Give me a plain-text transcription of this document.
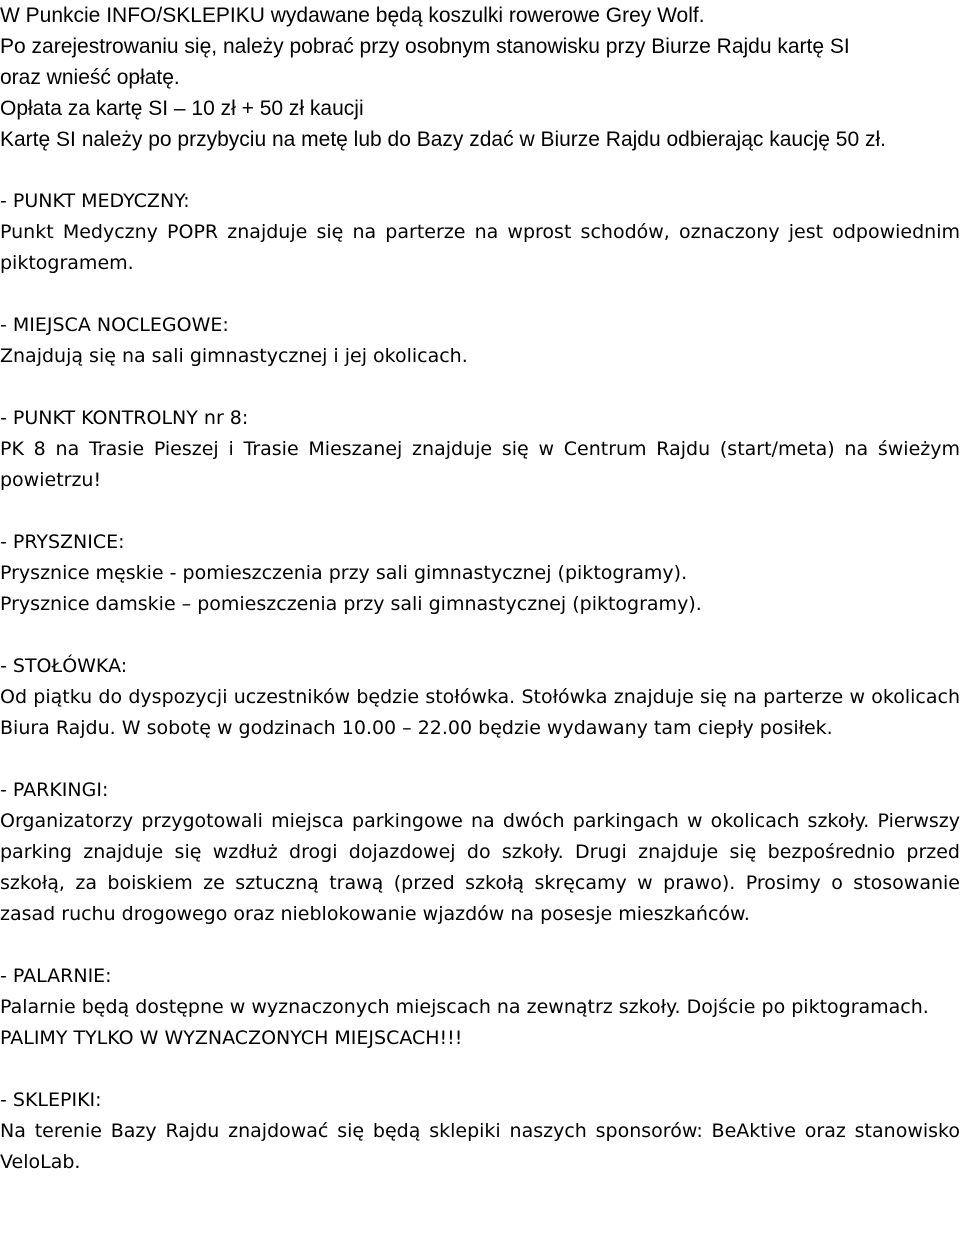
W Punkcie INFO/SKLEPIKU wydawane będą koszulki rowerowe Grey Wolf.

Po zarejestrowaniu się, należy pobrać przy osobnym stanowisku przy Biurze Rajdu kartę SI

oraz wnieść opłatę.

Opłata za kartę SI – 10 zł + 50 zł kaucji

Kartę SI należy po przybyciu na metę lub do Bazy zdać w Biurze Rajdu odbierając kaucję 50 zł.

- PUNKT MEDYCZNY:

Punkt Medyczny POPR znajduje się na parterze na wprost schodów, oznaczony jest odpowiednim piktogramem.

- MIEJSCA NOCLEGOWE:

Znajdują się na sali gimnastycznej i jej okolicach.

- PUNKT KONTROLNY nr 8:

PK 8 na Trasie Pieszej i Trasie Mieszanej znajduje się w Centrum Rajdu (start/meta) na świeżym powietrzu!

- PRYSZNICE:

Prysznice męskie - pomieszczenia przy sali gimnastycznej (piktogramy).

Prysznice damskie – pomieszczenia przy sali gimnastycznej (piktogramy).

- STOŁÓWKA:

Od piątku do dyspozycji uczestników będzie stołówka. Stołówka znajduje się na parterze w okolicach Biura Rajdu. W sobotę w godzinach 10.00 – 22.00 będzie wydawany tam ciepły posiłek.

- PARKINGI:

Organizatorzy przygotowali miejsca parkingowe na dwóch parkingach w okolicach szkoły. Pierwszy parking znajduje się wzdłuż drogi dojazdowej do szkoły. Drugi znajduje się bezpośrednio przed szkołą, za boiskiem ze sztuczną trawą (przed szkołą skręcamy w prawo). Prosimy o stosowanie zasad ruchu drogowego oraz nieblokowanie wjazdów na posesje mieszkańców.

- PALARNIE:

Palarnie będą dostępne w wyznaczonych miejscach na zewnątrz szkoły. Dojście po piktogramach.

PALIMY TYLKO W WYZNACZONYCH MIEJSCACH!!!

- SKLEPIKI:

Na terenie Bazy Rajdu znajdować się będą sklepiki naszych sponsorów: BeAktive oraz stanowisko VeloLab.
